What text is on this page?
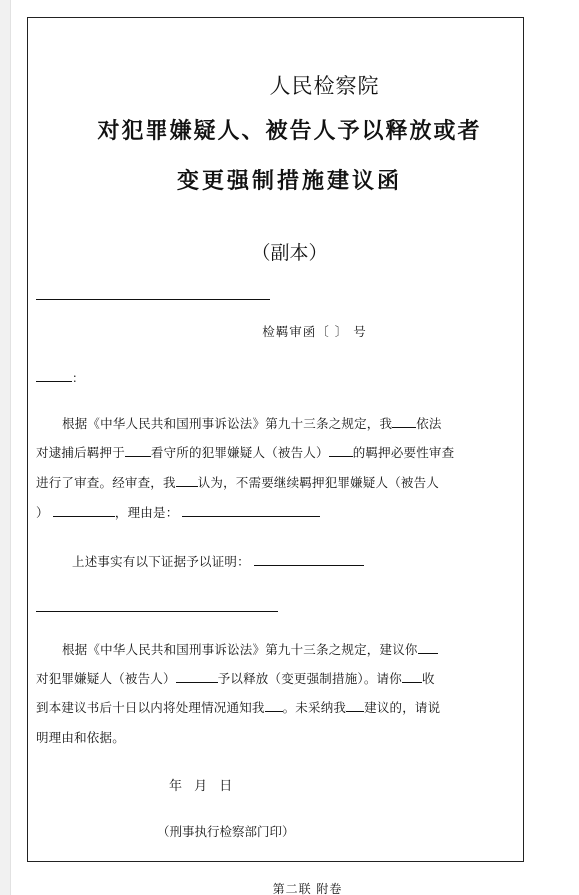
人民检察院
对犯罪嫌疑人、被告人予以释放或者
变更强制措施建议函
（副本）
检羁审函〔 〕 号
：
根据《中华人民共和国刑事诉讼法》第九十三条之规定，我 依法
对逮捕后羁押于 看守所的犯罪嫌疑人（被告人） 的羁押必要性审查
进行了审查。经审查，我 认为，不需要继续羁押犯罪嫌疑人（被告人
）	，理由是：
上述事实有以下证据予以证明：
根据《中华人民共和国刑事诉讼法》第九十三条之规定，建议你
对犯罪嫌疑人（被告人）	予以释放（变更强制措施）。请你 收
到本建议书后十日以内将处理情况通知我 。未采纳我 建议的，请说
明理由和依据。
年 月 日
（刑事执行检察部门印）
第二联 附卷
